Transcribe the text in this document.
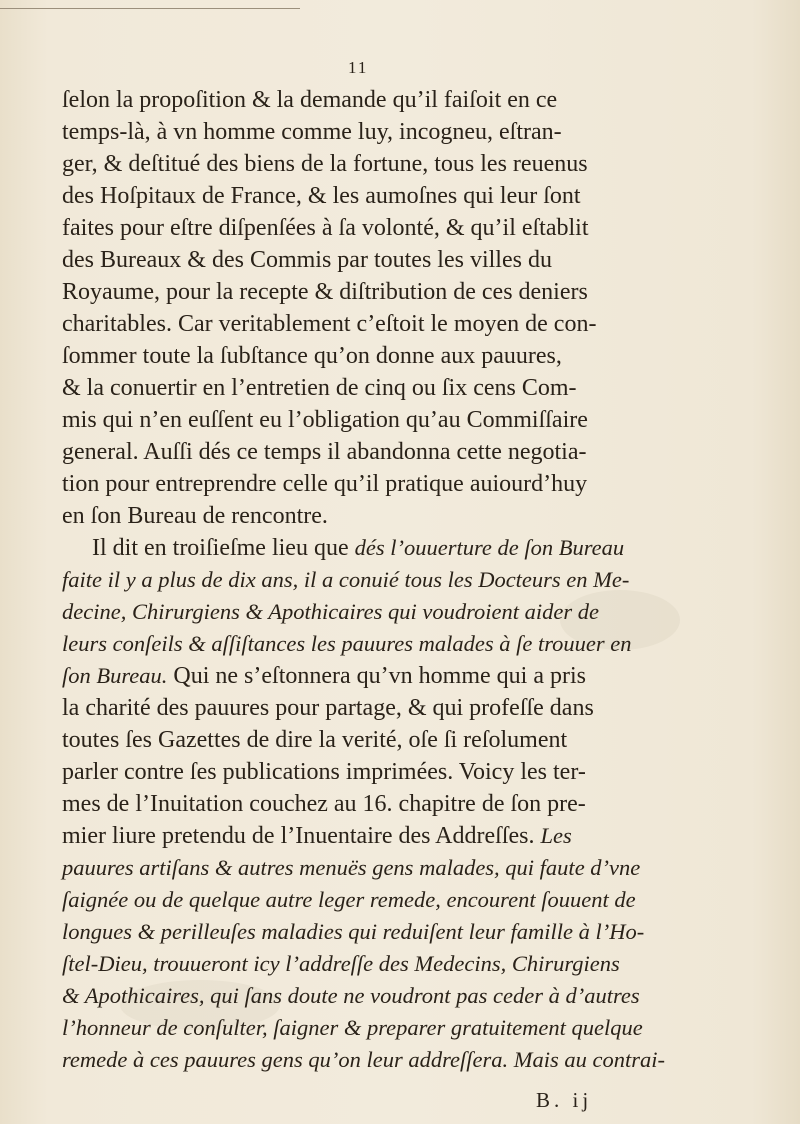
11
ſelon la propoſition & la demande qu’il faiſoit en ce
temps-là, à vn homme comme luy, incogneu, eſtran-
ger, & deſtitué des biens de la fortune, tous les reuenus
des Hoſpitaux de France, & les aumoſnes qui leur ſont
faites pour eſtre diſpenſées à ſa volonté, & qu’il eſtablit
des Bureaux & des Commis par toutes les villes du
Royaume, pour la recepte & diſtribution de ces deniers
charitables. Car veritablement c’eſtoit le moyen de con-
ſommer toute la ſubſtance qu’on donne aux pauures,
& la conuertir en l’entretien de cinq ou ſix cens Com-
mis qui n’en euſſent eu l’obligation qu’au Commiſſaire
general. Auſſi dés ce temps il abandonna cette negotia-
tion pour entreprendre celle qu’il pratique auiourd’huy
en ſon Bureau de rencontre.
Il dit en troiſieſme lieu que dés l’ouuerture de ſon Bureau
faite il y a plus de dix ans, il a conuié tous les Docteurs en Me-
decine, Chirurgiens & Apothicaires qui voudroient aider de
leurs conſeils & aſſiſtances les pauures malades à ſe trouuer en
ſon Bureau. Qui ne s’eſtonnera qu’vn homme qui a pris
la charité des pauures pour partage, & qui profeſſe dans
toutes ſes Gazettes de dire la verité, oſe ſi reſolument
parler contre ſes publications imprimées. Voicy les ter-
mes de l’Inuitation couchez au 16. chapitre de ſon pre-
mier liure pretendu de l’Inuentaire des Addreſſes. Les
pauures artiſans & autres menuës gens malades, qui faute d’vne
ſaignée ou de quelque autre leger remede, encourent ſouuent de
longues & perilleuſes maladies qui reduiſent leur famille à l’Ho-
ſtel-Dieu, trouueront icy l’addreſſe des Medecins, Chirurgiens
& Apothicaires, qui ſans doute ne voudront pas ceder à d’autres
l’honneur de conſulter, ſaigner & preparer gratuitement quelque
remede à ces pauures gens qu’on leur addreſſera. Mais au contrai-
B. ij
